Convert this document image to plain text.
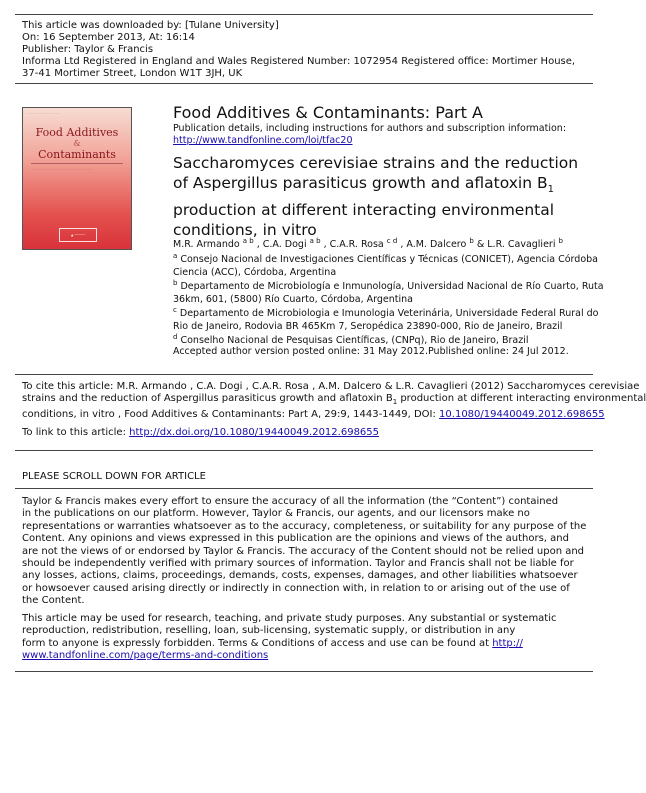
This article was downloaded by: [Tulane University]
On: 16 September 2013, At: 16:14
Publisher: Taylor & Francis
Informa Ltd Registered in England and Wales Registered Number: 1072954 Registered office: Mortimer House,
37-41 Mortimer Street, London W1T 3JH, UK
····· ··· ·· ·········· ··· ······
Food Additives
&
Contaminants
·· ······ ·· ····· ········ ······· ··· ······ ···· ······ ·····
▲ ──────
Food Additives & Contaminants: Part A
Publication details, including instructions for authors and subscription information:
http://www.tandfonline.com/loi/tfac20
Saccharomyces cerevisiae strains and the reduction
of Aspergillus parasiticus growth and aflatoxin $B_1$
production at different interacting environmental
conditions, in vitro
M.R. Armando $^{a b}$ , C.A. Dogi $^{a b}$ , C.A.R. Rosa $^{c d}$ , A.M. Dalcero $^b$ & L.R. Cavaglieri $^b$
$^a$ Consejo Nacional de Investigaciones Científicas y Técnicas (CONICET), Agencia Córdoba
Ciencia (ACC), Córdoba, Argentina
$^b$ Departamento de Microbiología e Inmunología, Universidad Nacional de Río Cuarto, Ruta
36km, 601, (5800) Río Cuarto, Córdoba, Argentina
$^c$ Departamento de Microbiologia e Imunologia Veterinária, Universidade Federal Rural do
Rio de Janeiro, Rodovia BR 465Km 7, Seropédica 23890-000, Rio de Janeiro, Brazil
$^d$ Conselho Nacional de Pesquisas Científicas, (CNPq), Rio de Janeiro, Brazil
Accepted author version posted online: 31 May 2012.Published online: 24 Jul 2012.
To cite this article: M.R. Armando , C.A. Dogi , C.A.R. Rosa , A.M. Dalcero & L.R. Cavaglieri (2012) Saccharomyces cerevisiae
strains and the reduction of Aspergillus parasiticus growth and aflatoxin $B_1$ production at different interacting environmental
conditions, in vitro , Food Additives & Contaminants: Part A, 29:9, 1443-1449, DOI: 10.1080/19440049.2012.698655
To link to this article: http://dx.doi.org/10.1080/19440049.2012.698655
PLEASE SCROLL DOWN FOR ARTICLE
Taylor & Francis makes every effort to ensure the accuracy of all the information (the “Content”) contained
in the publications on our platform. However, Taylor & Francis, our agents, and our licensors make no
representations or warranties whatsoever as to the accuracy, completeness, or suitability for any purpose of the
Content. Any opinions and views expressed in this publication are the opinions and views of the authors, and
are not the views of or endorsed by Taylor & Francis. The accuracy of the Content should not be relied upon and
should be independently verified with primary sources of information. Taylor and Francis shall not be liable for
any losses, actions, claims, proceedings, demands, costs, expenses, damages, and other liabilities whatsoever
or howsoever caused arising directly or indirectly in connection with, in relation to or arising out of the use of
the Content.
This article may be used for research, teaching, and private study purposes. Any substantial or systematic
reproduction, redistribution, reselling, loan, sub-licensing, systematic supply, or distribution in any
form to anyone is expressly forbidden. Terms & Conditions of access and use can be found at http://
www.tandfonline.com/page/terms-and-conditions
